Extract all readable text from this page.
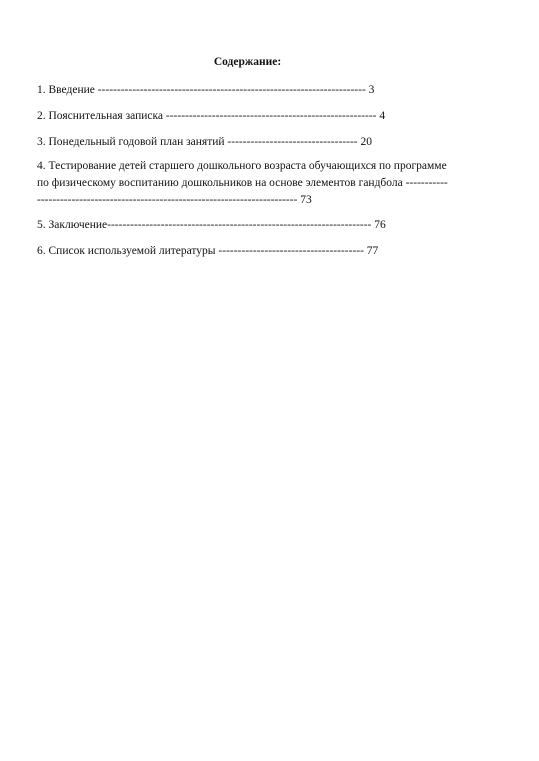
Содержание:
1. Введение ---------------------------------------------------------------------- 3
2. Пояснительная записка ------------------------------------------------------- 4
3. Понедельный годовой план занятий ---------------------------------- 20
4. Тестирование детей старшего дошкольного возраста обучающихся по программе
по физическому воспитанию дошкольников на основе элементов гандбола -----------
-------------------------------------------------------------------- 73
5. Заключение--------------------------------------------------------------------- 76
6. Список используемой литературы -------------------------------------- 77
